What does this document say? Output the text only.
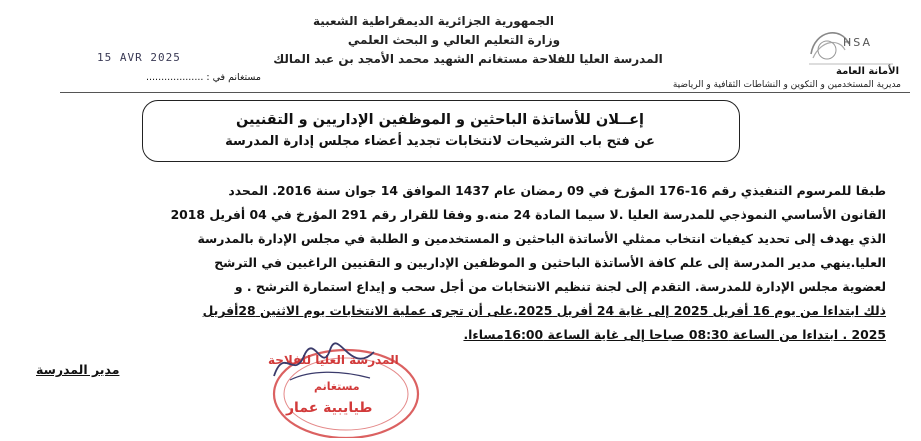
الجمهورية الجزائرية الديمقراطية الشعبية
وزارة التعليم العالي و البحث العلمي
المدرسة العليا للفلاحة مستغانم الشهيد محمد الأمجد بن عبد المالك
15 AVR 2025
مستغانم في : ...................
HSA
الأمانة العامة
مديرية المستخدمين و التكوين و النشاطات الثقافية و الرياضية
إعــلان للأساتذة الباحثين و الموظفين الإداريين و التقنيين
عن فتح باب الترشيحات لانتخابات تجديد أعضاء مجلس إدارة المدرسة
طبقا للمرسوم التنفيذي رقم 16-176 المؤرخ في 09 رمضان عام 1437 الموافق 14 جوان سنة 2016. المحدد
القانون الأساسي النموذجي للمدرسة العليا .لا سيما المادة 24 منه.و وفقا للقرار رقم 291 المؤرخ في 04 أفريل 2018
الذي يهدف إلى تحديد كيفيات انتخاب ممثلي الأساتذة الباحثين و المستخدمين و الطلبة في مجلس الإدارة بالمدرسة
العليا.ينهي مدير المدرسة إلى علم كافة الأساتذة الباحثين و الموظفين الإداريين و التقنيين الراغبين في الترشح
لعضوية مجلس الإدارة للمدرسة. التقدم إلى لجنة تنظيم الانتخابات من أجل سحب و إيداع استمارة الترشح . و
ذلك ابتداءا من يوم 16 أفريل 2025 إلى غاية 24 أفريل 2025.على أن تجرى عملية الانتخابات يوم الاثنين 28أفريل
2025 . ابتداءا من الساعة 08:30 صباحا إلى غاية الساعة 16:00مساءا.
مدير المدرسة
المدرسة العليا للفلاحة
مستغانم
طيايبية عمار
